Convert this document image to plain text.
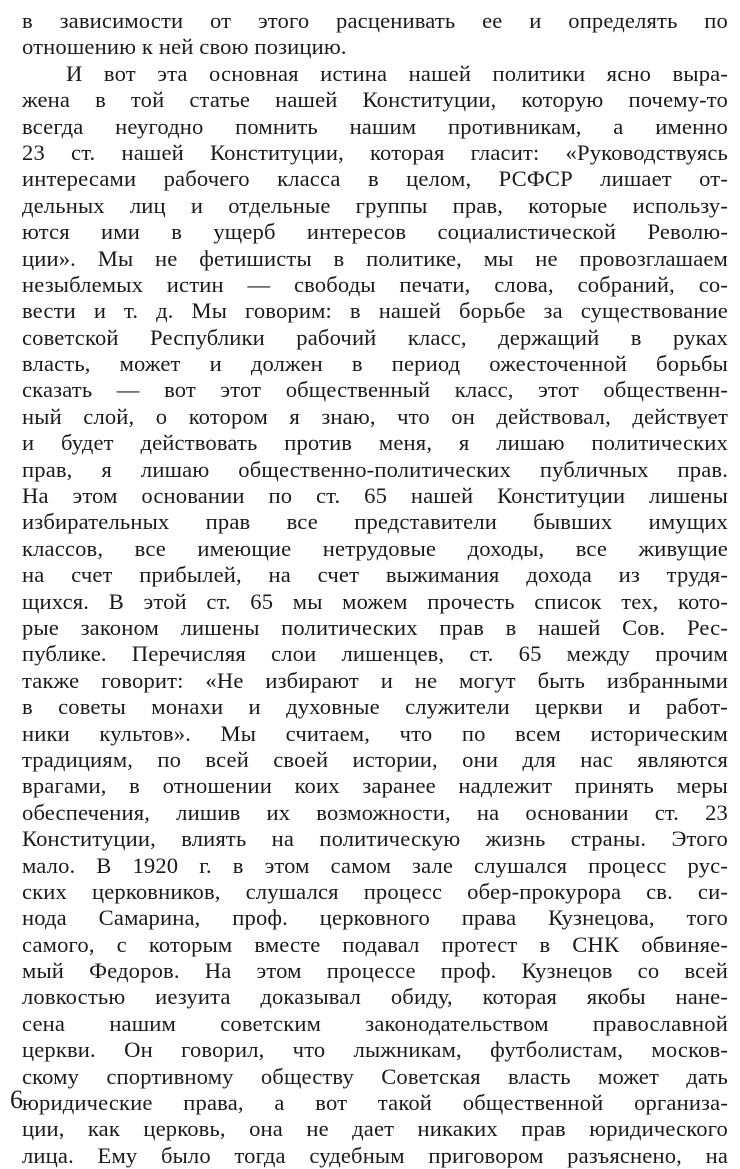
в зависимости от этого расценивать ее и определять по
отношению к ней свою позицию.
И вот эта основная истина нашей политики ясно выра-
жена в той статье нашей Конституции, которую почему-то
всегда неугодно помнить нашим противникам, а именно
23 ст. нашей Конституции, которая гласит: «Руководствуясь
интересами рабочего класса в целом, РСФСР лишает от-
дельных лиц и отдельные группы прав, которые использу-
ются ими в ущерб интересов социалистической Револю-
ции». Мы не фетишисты в политике, мы не провозглашаем
незыблемых истин — свободы печати, слова, собраний, со-
вести и т. д. Мы говорим: в нашей борьбе за существование
советской Республики рабочий класс, держащий в руках
власть, может и должен в период ожесточенной борьбы
сказать — вот этот общественный класс, этот общественн-
ный слой, о котором я знаю, что он действовал, действует
и будет действовать против меня, я лишаю политических
прав, я лишаю общественно-политических публичных прав.
На этом основании по ст. 65 нашей Конституции лишены
избирательных прав все представители бывших имущих
классов, все имеющие нетрудовые доходы, все живущие
на счет прибылей, на счет выжимания дохода из трудя-
щихся. В этой ст. 65 мы можем прочесть список тех, кото-
рые законом лишены политических прав в нашей Сов. Рес-
публике. Перечисляя слои лишенцев, ст. 65 между прочим
также говорит: «Не избирают и не могут быть избранными
в советы монахи и духовные служители церкви и работ-
ники культов». Мы считаем, что по всем историческим
традициям, по всей своей истории, они для нас являются
врагами, в отношении коих заранее надлежит принять меры
обеспечения, лишив их возможности, на основании ст. 23
Конституции, влиять на политическую жизнь страны. Этого
мало. В 1920 г. в этом самом зале слушался процесс рус-
ских церковников, слушался процесс обер-прокурора св. си-
нода Самарина, проф. церковного права Кузнецова, того
самого, с которым вместе подавал протест в СНК обвиняе-
мый Федоров. На этом процессе проф. Кузнецов со всей
ловкостью иезуита доказывал обиду, которая якобы нане-
сена нашим советским законодательством православной
церкви. Он говорил, что лыжникам, футболистам, москов-
скому спортивному обществу Советская власть может дать
юридические права, а вот такой общественной организа-
ции, как церковь, она не дает никаких прав юридического
лица. Ему было тогда судебным приговором разъяснено, на
6
